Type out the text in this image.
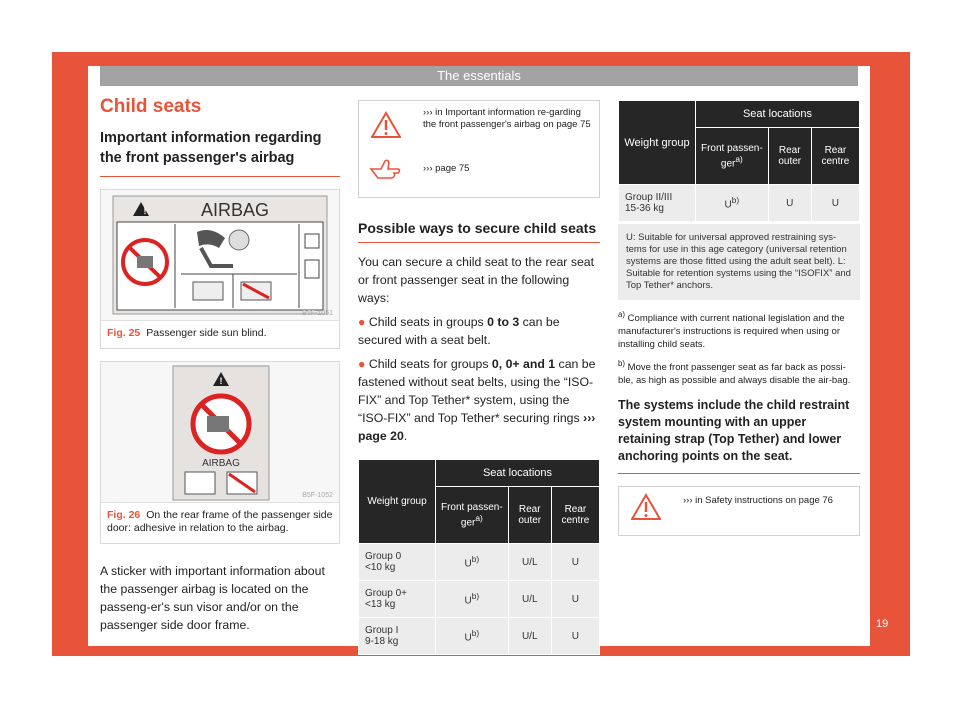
The essentials
Child seats
Important information regarding the front passenger's airbag
!	AIRBAG
B5F-1051
Fig. 25 Passenger side sun blind.
!
AIRBAG
B5F-1052
Fig. 26 On the rear frame of the passenger side door: adhesive in relation to the airbag.

A sticker with important information about the passenger airbag is located on the passeng-er's sun visor and/or on the passenger side door frame.

››› in Important information re-garding the front passenger's airbag on page 75
››› page 75
Possible ways to secure child seats
You can secure a child seat to the rear seat or front passenger seat in the following ways:
● Child seats in groups 0 to 3 can be secured with a seat belt.
● Child seats for groups 0, 0+ and 1 can be fastened without seat belts, using the “ISO-FIX” and Top Tether* system, using the “ISO-FIX” and Top Tether* securing rings ››› page 20.
Weight group	Seat locations		
	Front passen-ger$^{a)}$	Rear outer	Rear centre
Group 0
<10 kg	$U^{b)}$	U/L	U
Group 0+
<13 kg	$U^{b)}$	U/L	U
Group I
9-18 kg	$U^{b)}$	U/L	U
Weight group	Seat locations		
	Front passen-ger$^{a)}$	Rear outer	Rear centre
Group II/III
15-36 kg	$U^{b)}$	U	U
U: Suitable for universal approved restraining sys-tems for use in this age category (universal retention systems are those fitted using the adult seat belt). L: Suitable for retention systems using the “ISOFIX” and Top Tether* anchors.
$^{a)}$ Compliance with current national legislation and the manufacturer's instructions is required when using or installing child seats.
$^{b)}$ Move the front passenger seat as far back as possi-ble, as high as possible and always disable the air-bag.
The systems include the child restraint system mounting with an upper retaining strap (Top Tether) and lower anchoring points on the seat.
››› in Safety instructions on page 76
19
